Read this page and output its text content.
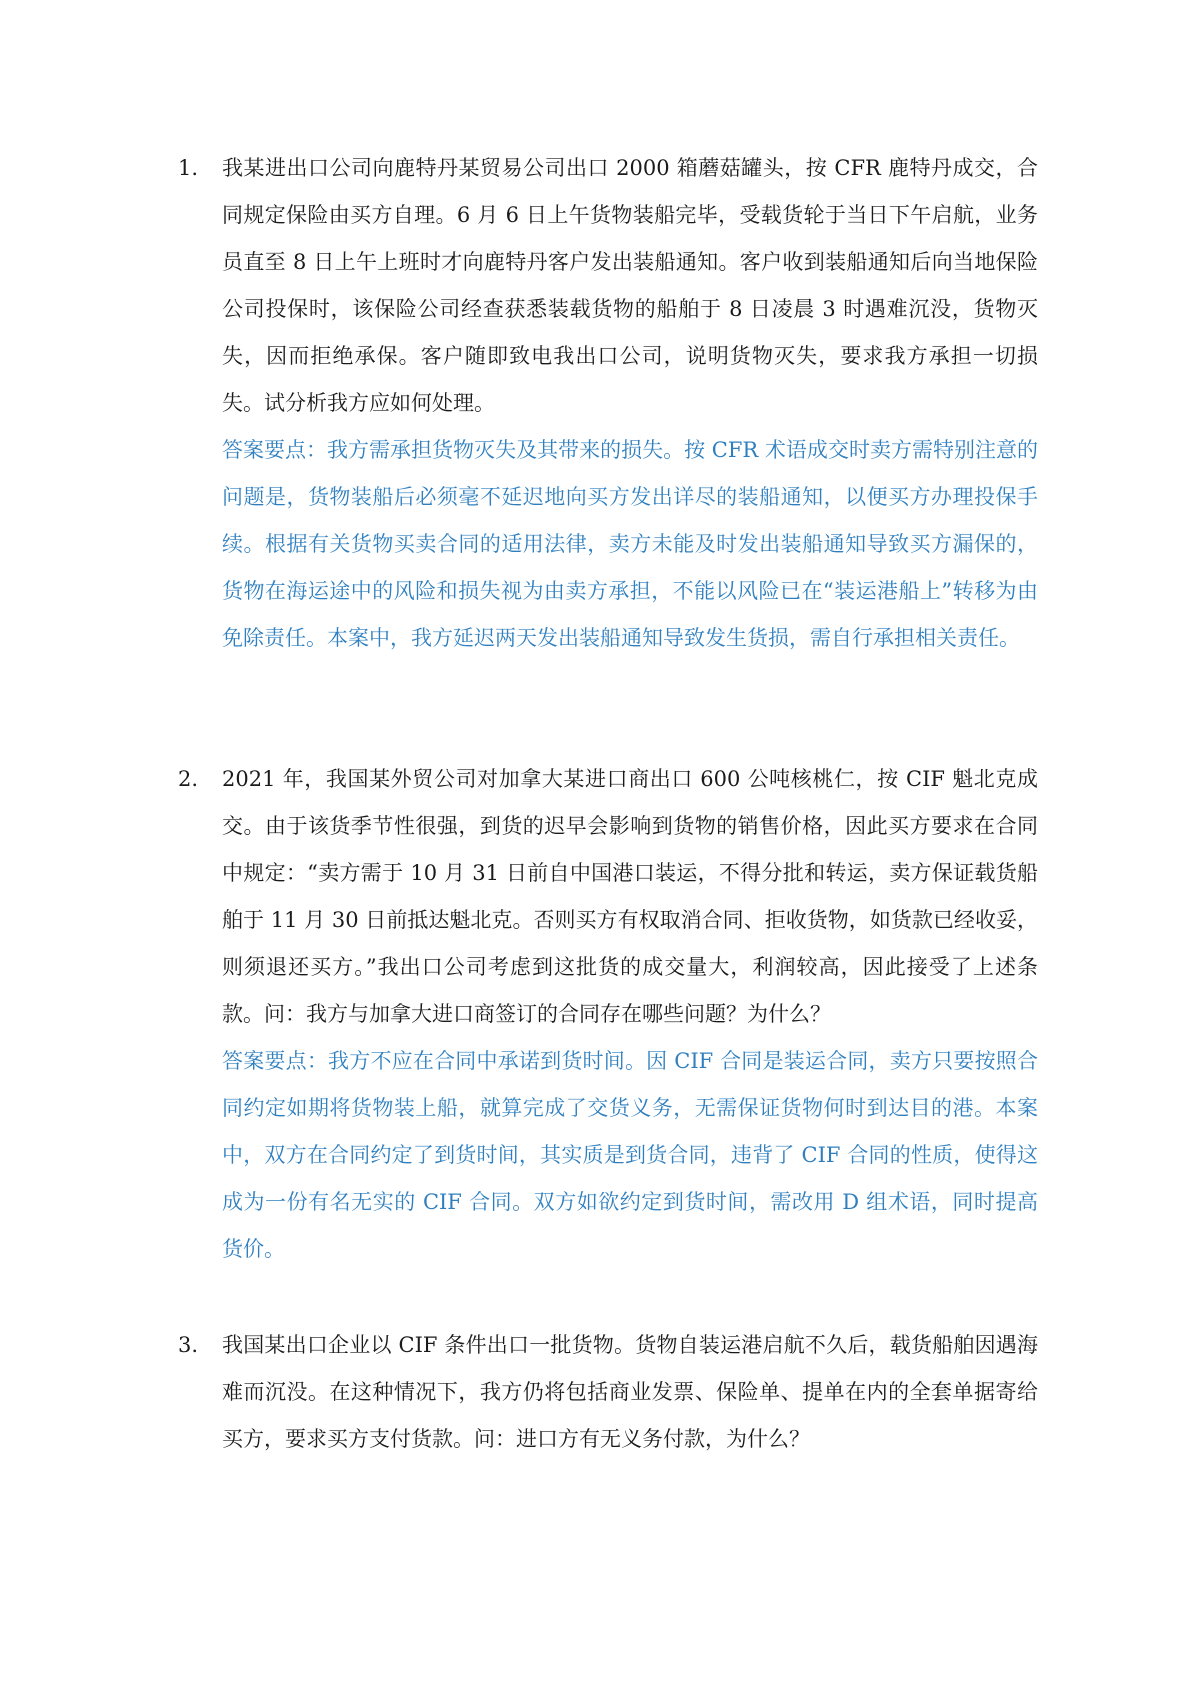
1.	我某进出口公司向鹿特丹某贸易公司出口 2000 箱蘑菇罐头，按 CFR 鹿特丹成交，合同规定保险由买方自理。6 月 6 日上午货物装船完毕，受载货轮于当日下午启航，业务员直至 8 日上午上班时才向鹿特丹客户发出装船通知。客户收到装船通知后向当地保险公司投保时，该保险公司经查获悉装载货物的船舶于 8 日凌晨 3 时遇难沉没，货物灭失，因而拒绝承保。客户随即致电我出口公司，说明货物灭失，要求我方承担一切损失。试分析我方应如何处理。
答案要点：我方需承担货物灭失及其带来的损失。按 CFR 术语成交时卖方需特别注意的问题是，货物装船后必须毫不延迟地向买方发出详尽的装船通知，以便买方办理投保手续。根据有关货物买卖合同的适用法律，卖方未能及时发出装船通知导致买方漏保的，货物在海运途中的风险和损失视为由卖方承担，不能以风险已在“装运港船上”转移为由免除责任。本案中，我方延迟两天发出装船通知导致发生货损，需自行承担相关责任。
2.	2021 年，我国某外贸公司对加拿大某进口商出口 600 公吨核桃仁，按 CIF 魁北克成交。由于该货季节性很强，到货的迟早会影响到货物的销售价格，因此买方要求在合同中规定：“卖方需于 10 月 31 日前自中国港口装运，不得分批和转运，卖方保证载货船舶于 11 月 30 日前抵达魁北克。否则买方有权取消合同、拒收货物，如货款已经收妥，则须退还买方。”我出口公司考虑到这批货的成交量大，利润较高，因此接受了上述条款。问：我方与加拿大进口商签订的合同存在哪些问题？为什么？
答案要点：我方不应在合同中承诺到货时间。因 CIF 合同是装运合同，卖方只要按照合同约定如期将货物装上船，就算完成了交货义务，无需保证货物何时到达目的港。本案中，双方在合同约定了到货时间，其实质是到货合同，违背了 CIF 合同的性质，使得这成为一份有名无实的 CIF 合同。双方如欲约定到货时间，需改用 D 组术语，同时提高货价。
3.	我国某出口企业以 CIF 条件出口一批货物。货物自装运港启航不久后，载货船舶因遇海难而沉没。在这种情况下，我方仍将包括商业发票、保险单、提单在内的全套单据寄给买方，要求买方支付货款。问：进口方有无义务付款，为什么？
